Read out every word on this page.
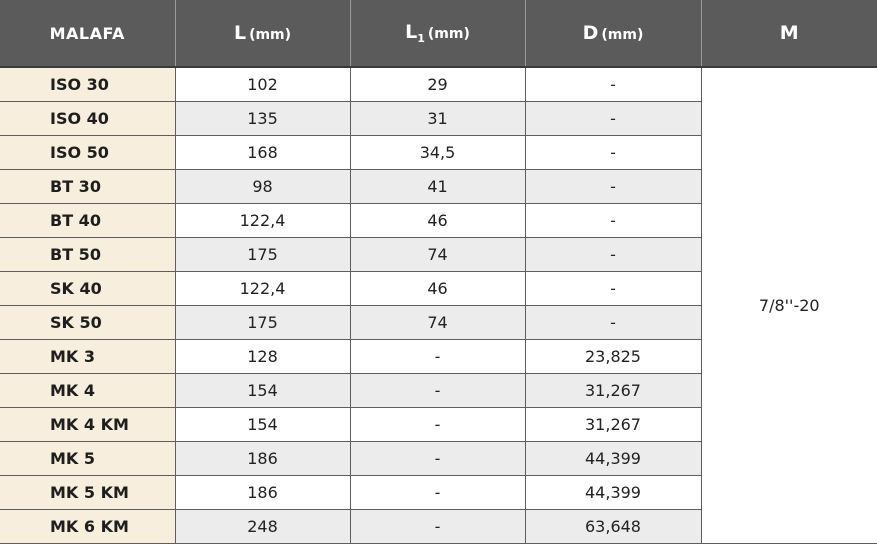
MALAFA	L (mm)	$L_1$ (mm)	D (mm)	M
ISO 30	102	29	-	7/8''-20
ISO 40	135	31	-	
ISO 50	168	34,5	-	
BT 30	98	41	-	
BT 40	122,4	46	-	
BT 50	175	74	-	
SK 40	122,4	46	-	
SK 50	175	74	-	
MK 3	128	-	23,825	
MK 4	154	-	31,267	
MK 4 KM	154	-	31,267	
MK 5	186	-	44,399	
MK 5 KM	186	-	44,399	
MK 6 KM	248	-	63,648	
